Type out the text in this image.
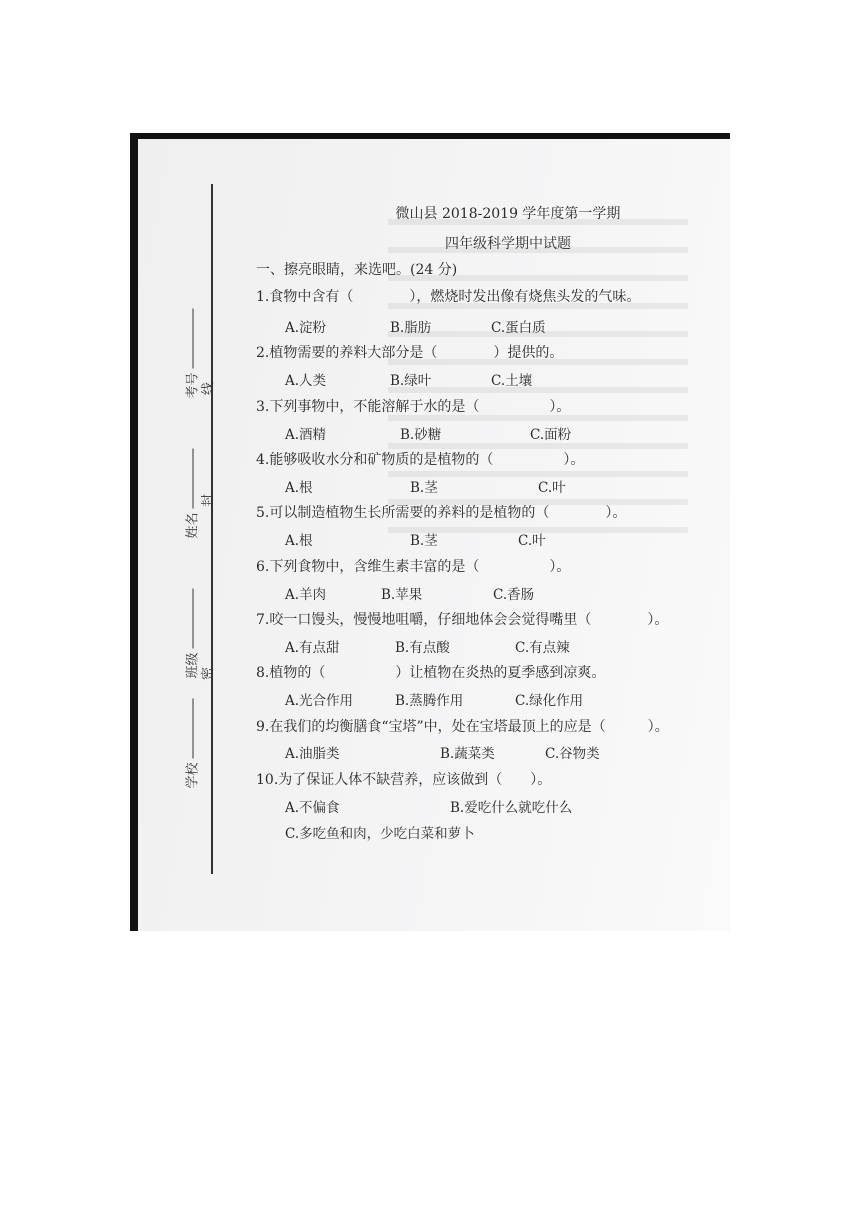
考号
姓名
班级
学校
线
封
密
微山县 2018-2019 学年度第一学期
四年级科学期中试题
一、擦亮眼睛，来选吧。(24 分)
1.食物中含有（　　　　），燃烧时发出像有烧焦头发的气味。
A.淀粉	B.脂肪	C.蛋白质
2.植物需要的养料大部分是（　　　　）提供的。
A.人类	B.绿叶	C.土壤
3.下列事物中，不能溶解于水的是（　　　　　）。
A.酒精	B.砂糖	C.面粉
4.能够吸收水分和矿物质的是植物的（　　　　　）。
A.根	B.茎	C.叶
5.可以制造植物生长所需要的养料的是植物的（　　　　）。
A.根	B.茎	C.叶
6.下列食物中，含维生素丰富的是（　　　　　）。
A.羊肉	B.苹果	C.香肠
7.咬一口馒头，慢慢地咀嚼，仔细地体会会觉得嘴里（　　　　）。
A.有点甜	B.有点酸	C.有点辣
8.植物的（　　　　　）让植物在炎热的夏季感到凉爽。
A.光合作用	B.蒸腾作用	C.绿化作用
9.在我们的均衡膳食“宝塔”中，处在宝塔最顶上的应是（　　　）。
A.油脂类	B.蔬菜类	C.谷物类
10.为了保证人体不缺营养，应该做到（　　）。
A.不偏食	B.爱吃什么就吃什么
C.多吃鱼和肉，少吃白菜和萝卜
